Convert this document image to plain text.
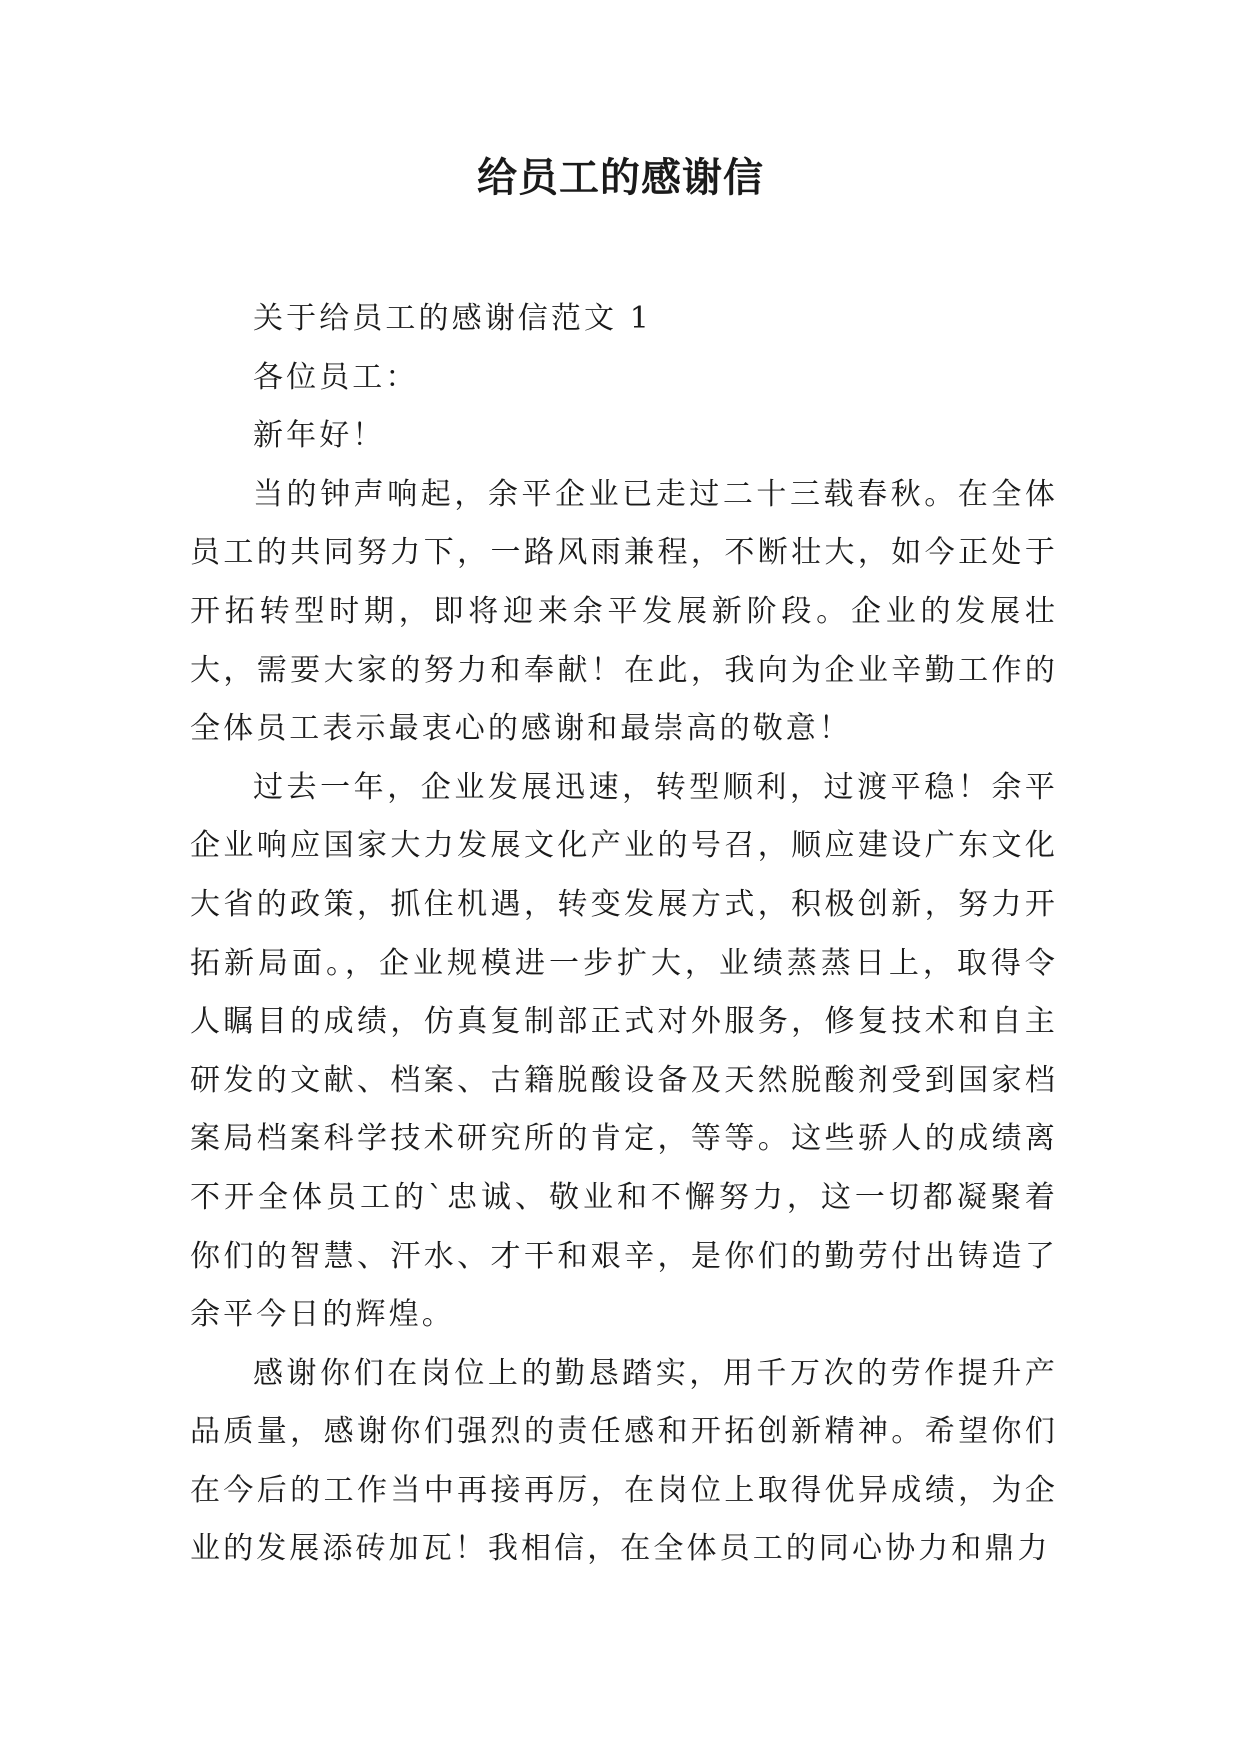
给员工的感谢信

关于给员工的感谢信范文 1

各位员工：

新年好！

当的钟声响起，余平企业已走过二十三载春秋。在全体员工的共同努力下，一路风雨兼程，不断壮大，如今正处于开拓转型时期，即将迎来余平发展新阶段。企业的发展壮大，需要大家的努力和奉献！在此，我向为企业辛勤工作的全体员工表示最衷心的感谢和最崇高的敬意！

过去一年，企业发展迅速，转型顺利，过渡平稳！余平企业响应国家大力发展文化产业的号召，顺应建设广东文化大省的政策，抓住机遇，转变发展方式，积极创新，努力开拓新局面。，企业规模进一步扩大，业绩蒸蒸日上，取得令人瞩目的成绩，仿真复制部正式对外服务，修复技术和自主研发的文献、档案、古籍脱酸设备及天然脱酸剂受到国家档案局档案科学技术研究所的肯定，等等。这些骄人的成绩离不开全体员工的`忠诚、敬业和不懈努力，这一切都凝聚着你们的智慧、汗水、才干和艰辛，是你们的勤劳付出铸造了余平今日的辉煌。

感谢你们在岗位上的勤恳踏实，用千万次的劳作提升产品质量，感谢你们强烈的责任感和开拓创新精神。希望你们在今后的工作当中再接再厉，在岗位上取得优异成绩，为企业的发展添砖加瓦！我相信，在全体员工的同心协力和鼎力
